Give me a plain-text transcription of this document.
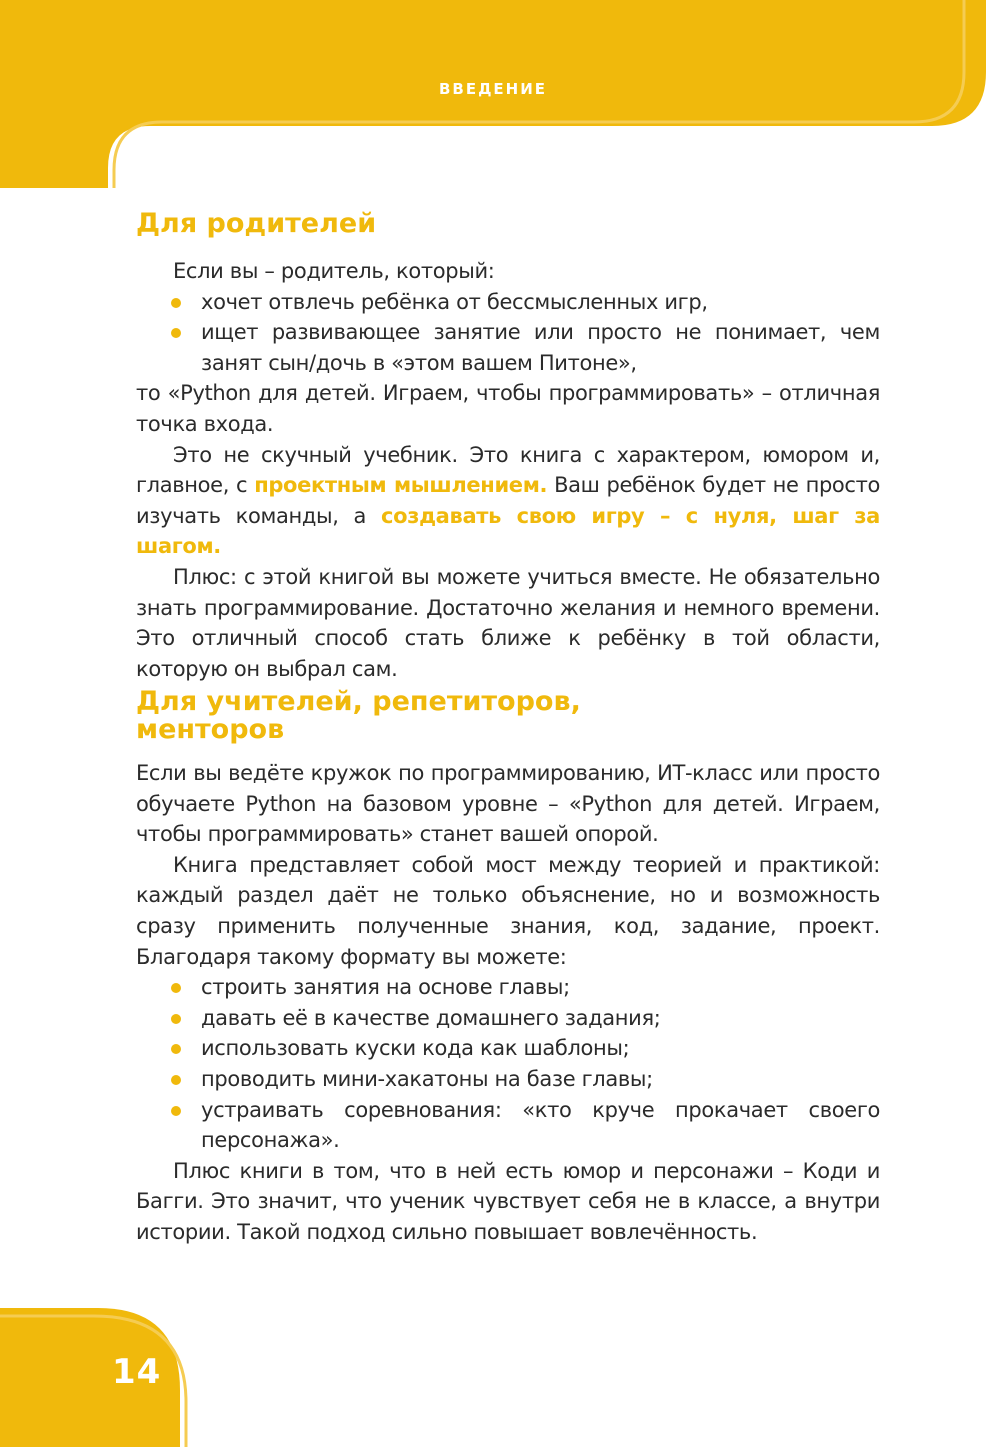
ВВЕДЕНИЕ
14
Для родителей

Если вы – родитель, который:

хочет отвлечь ребёнка от бессмысленных игр,
ищет развивающее занятие или просто не понимает, чем занят сын/дочь в «этом вашем Питоне»,

то «Python для детей. Играем, чтобы программировать» – отличная точка входа.

Это не скучный учебник. Это книга с характером, юмором и, главное, с проектным мышлением. Ваш ребёнок будет не просто изучать команды, а создавать свою игру – с нуля, шаг за шагом.

Плюс: с этой книгой вы можете учиться вместе. Не обязательно знать программирование. Достаточно желания и немного времени. Это отличный способ стать ближе к ребёнку в той области, которую он выбрал сам.

Для учителей, репетиторов,
менторов

Если вы ведёте кружок по программированию, ИТ-класс или просто обучаете Python на базовом уровне – «Python для детей. Играем, чтобы программировать» станет вашей опорой.

Книга представляет собой мост между теорией и практикой: каждый раздел даёт не только объяснение, но и возможность сразу применить полученные знания, код, задание, проект. Благодаря такому формату вы можете:

строить занятия на основе главы;
давать её в качестве домашнего задания;
использовать куски кода как шаблоны;
проводить мини-хакатоны на базе главы;
устраивать соревнования: «кто круче прокачает своего персонажа».

Плюс книги в том, что в ней есть юмор и персонажи – Коди и Багги. Это значит, что ученик чувствует себя не в классе, а внутри истории. Такой подход сильно повышает вовлечённость.
